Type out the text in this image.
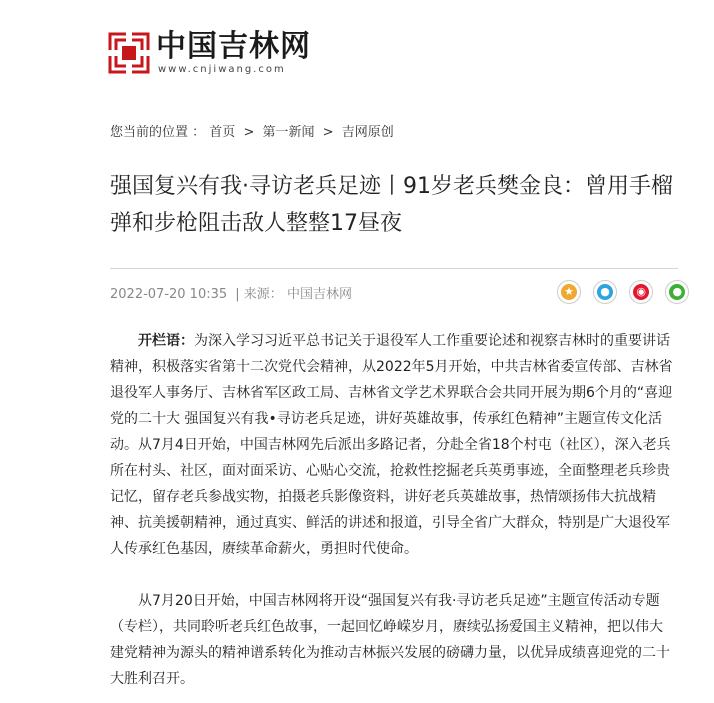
中国吉林网
www.cnjiwang.com
您当前的位置 ： 首页 > 第一新闻 > 吉网原创
强国复兴有我·寻访老兵足迹丨91岁老兵樊金良：曾用手榴弹和步枪阻击敌人整整17昼夜
2022-07-20 10:35 | 来源： 中国吉林网	★
●
◉
●

开栏语：为深入学习习近平总书记关于退役军人工作重要论述和视察吉林时的重要讲话精神，积极落实省第十二次党代会精神，从2022年5月开始，中共吉林省委宣传部、吉林省退役军人事务厅、吉林省军区政工局、吉林省文学艺术界联合会共同开展为期6个月的“喜迎党的二十大 强国复兴有我•寻访老兵足迹，讲好英雄故事，传承红色精神”主题宣传文化活动。从7月4日开始，中国吉林网先后派出多路记者，分赴全省18个村屯（社区），深入老兵所在村头、社区，面对面采访、心贴心交流，抢救性挖掘老兵英勇事迹，全面整理老兵珍贵记忆，留存老兵参战实物，拍摄老兵影像资料，讲好老兵英雄故事，热情颂扬伟大抗战精神、抗美援朝精神，通过真实、鲜活的讲述和报道，引导全省广大群众，特别是广大退役军人传承红色基因，赓续革命薪火，勇担时代使命。

从7月20日开始，中国吉林网将开设“强国复兴有我·寻访老兵足迹”主题宣传活动专题（专栏），共同聆听老兵红色故事，一起回忆峥嵘岁月，赓续弘扬爱国主义精神，把以伟大建党精神为源头的精神谱系转化为推动吉林振兴发展的磅礴力量，以优异成绩喜迎党的二十大胜利召开。
